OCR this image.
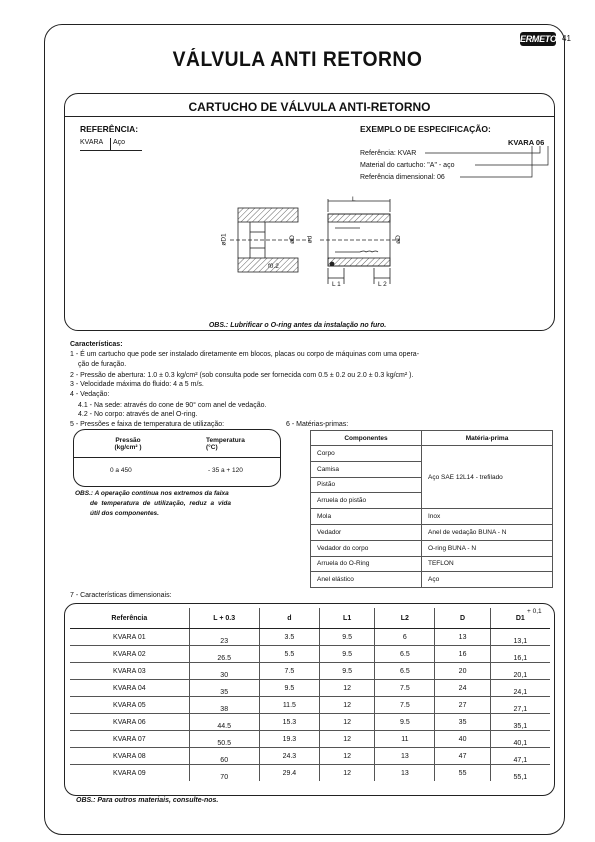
ERMETO 41
VÁLVULA ANTI RETORNO
CARTUCHO DE VÁLVULA ANTI-RETORNO
REFERÊNCIA:
KVARA Aço
EXEMPLO DE ESPECIFICAÇÃO:
KVARA 06
Referência: KVAR
Material do cartucho: "A" - aço
Referência dimensional: 06
øD1	øD ød	øD
L
L 1	L 2
f0.2
OBS.: Lubrificar o O-ring antes da instalação no furo.
Características:
1 - É um cartucho que pode ser instalado diretamente em blocos, placas ou corpo de máquinas com uma opera-
ção de furação.
2 - Pressão de abertura: 1.0 ± 0.3 kg/cm² (sob consulta pode ser fornecida com 0.5 ± 0.2 ou 2.0 ± 0.3 kg/cm² ).
3 - Velocidade máxima do fluido: 4 a 5 m/s.
4 - Vedação:
4.1 - Na sede: através do cone de 90° com anel de vedação.
4.2 - No corpo: através de anel O-ring.
5 - Pressões e faixa de temperatura de utilização:
Pressão
(kg/cm² )
Temperatura
(°C)
0 a 450	- 35 a + 120
OBS.: A operação contínua nos extremos da faixa
de temperatura de utilização, reduz a vida
útil dos componentes.
6 - Matérias-primas:
Componentes	Matéria-prima
Corpo	Aço SAE 12L14 - trefilado
Camisa	
Pistão	
Arruela do pistão	
Mola	Inox
Vedador	Anel de vedação BUNA - N
Vedador do corpo	O-ring BUNA - N
Arruela do O-Ring	TEFLON
Anel elástico	Aço
7 - Características dimensionais:
Referência	L + 0.3	d	L1	L2	D	D1
KVARA 01	23	3.5	9.5	6	13	13,1
KVARA 02	26.5	5.5	9.5	6.5	16	16,1
KVARA 03	30	7.5	9.5	6.5	20	20,1
KVARA 04	35	9.5	12	7.5	24	24,1
KVARA 05	38	11.5	12	7.5	27	27,1
KVARA 06	44.5	15.3	12	9.5	35	35,1
KVARA 07	50.5	19.3	12	11	40	40,1
KVARA 08	60	24.3	12	13	47	47,1
KVARA 09	70	29.4	12	13	55	55,1
+ 0,1
OBS.: Para outros materiais, consulte-nos.
